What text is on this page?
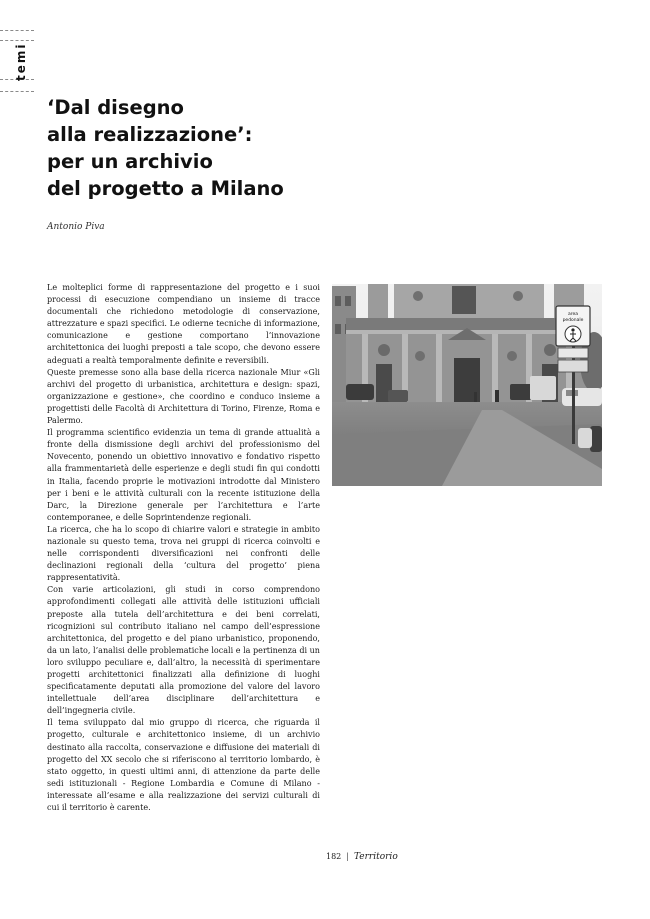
temi
‘Dal disegno
alla realizzazione’:
per un archivio
del progetto a Milano
Antonio Piva

Le molteplici forme di rappresentazione del progetto e i suoi processi di esecuzione compendiano un insieme di tracce documentali che richiedono metodologie di conservazione, attrezzature e spazi specifici. Le odierne tecniche di informazione, comunicazione e gestione comportano l’innovazione architettonica dei luoghi preposti a tale scopo, che devono essere adeguati a realtà temporalmente definite e reversibili.

Queste premesse sono alla base della ricerca nazionale Miur «Gli archivi del progetto di urbanistica, architettura e design: spazi, organizzazione e gestione», che coordino e conduco insieme a progettisti delle Facoltà di Architettura di Torino, Firenze, Roma e Palermo.

Il programma scientifico evidenzia un tema di grande attualità a fronte della dismissione degli archivi del professionismo del Novecento, ponendo un obiettivo innovativo e fondativo rispetto alla frammentarietà delle esperienze e degli studi fin qui condotti in Italia, facendo proprie le motivazioni introdotte dal Ministero per i beni e le attività culturali con la recente istituzione della Darc, la Direzione generale per l’architettura e l’arte contemporanee, e delle Soprintendenze regionali.

La ricerca, che ha lo scopo di chiarire valori e strategie in ambito nazionale su questo tema, trova nei gruppi di ricerca coinvolti e nelle corrispondenti diversificazioni nei confronti delle declinazioni regionali della ‘cultura del progetto’ piena rappresentatività.

Con varie articolazioni, gli studi in corso comprendono approfondimenti collegati alle attività delle istituzioni ufficiali preposte alla tutela dell’architettura e dei beni correlati, ricognizioni sul contributo italiano nel campo dell’espressione architettonica, del progetto e del piano urbanistico, proponendo, da un lato, l’analisi delle problematiche locali e la pertinenza di un loro sviluppo peculiare e, dall’altro, la necessità di sperimentare progetti architettonici finalizzati alla definizione di luoghi specificatamente deputati alla promozione del valore del lavoro intellettuale dell’area disciplinare dell’architettura e dell’ingegneria civile.

Il tema sviluppato dal mio gruppo di ricerca, che riguarda il progetto, culturale e architettonico insieme, di un archivio destinato alla raccolta, conservazione e diffusione dei materiali di progetto del XX secolo che si riferiscono al territorio lombardo, è stato oggetto, in questi ultimi anni, di attenzione da parte delle sedi istituzionali - Regione Lombardia e Comune di Milano - interessate all’esame e alla realizzazione dei servizi culturali di cui il territorio è carente.

area
pedonale
182 | Territorio
